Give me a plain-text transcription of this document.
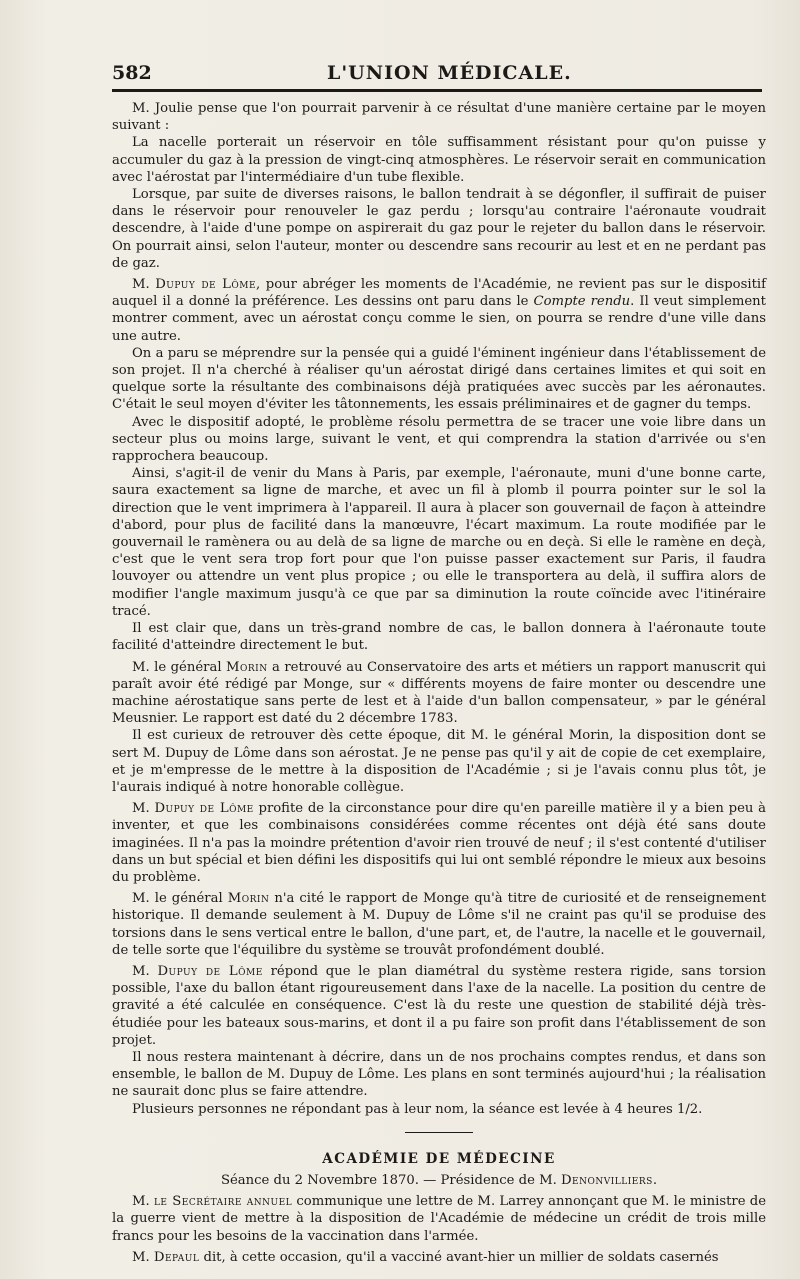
582	L'UNION MÉDICALE.

M. Joulie pense que l'on pourrait parvenir à ce résultat d'une manière certaine par le moyen suivant :

La nacelle porterait un réservoir en tôle suffisamment résistant pour qu'on puisse y accumuler du gaz à la pression de vingt-cinq atmosphères. Le réservoir serait en communication avec l'aérostat par l'intermédiaire d'un tube flexible.

Lorsque, par suite de diverses raisons, le ballon tendrait à se dégonfler, il suffirait de puiser dans le réservoir pour renouveler le gaz perdu ; lorsqu'au contraire l'aéronaute voudrait descendre, à l'aide d'une pompe on aspirerait du gaz pour le rejeter du ballon dans le réservoir. On pourrait ainsi, selon l'auteur, monter ou descendre sans recourir au lest et en ne perdant pas de gaz.

M. Dupuy de Lôme, pour abréger les moments de l'Académie, ne revient pas sur le dispositif auquel il a donné la préférence. Les dessins ont paru dans le Compte rendu. Il veut simplement montrer comment, avec un aérostat conçu comme le sien, on pourra se rendre d'une ville dans une autre.

On a paru se méprendre sur la pensée qui a guidé l'éminent ingénieur dans l'établissement de son projet. Il n'a cherché à réaliser qu'un aérostat dirigé dans certaines limites et qui soit en quelque sorte la résultante des combinaisons déjà pratiquées avec succès par les aéronautes. C'était le seul moyen d'éviter les tâtonnements, les essais préliminaires et de gagner du temps.

Avec le dispositif adopté, le problème résolu permettra de se tracer une voie libre dans un secteur plus ou moins large, suivant le vent, et qui comprendra la station d'arrivée ou s'en rapprochera beaucoup.

Ainsi, s'agit-il de venir du Mans à Paris, par exemple, l'aéronaute, muni d'une bonne carte, saura exactement sa ligne de marche, et avec un fil à plomb il pourra pointer sur le sol la direction que le vent imprimera à l'appareil. Il aura à placer son gouvernail de façon à atteindre d'abord, pour plus de facilité dans la manœuvre, l'écart maximum. La route modifiée par le gouvernail le ramènera ou au delà de sa ligne de marche ou en deçà. Si elle le ramène en deçà, c'est que le vent sera trop fort pour que l'on puisse passer exactement sur Paris, il faudra louvoyer ou attendre un vent plus propice ; ou elle le transportera au delà, il suffira alors de modifier l'angle maximum jusqu'à ce que par sa diminution la route coïncide avec l'itinéraire tracé.

Il est clair que, dans un très-grand nombre de cas, le ballon donnera à l'aéronaute toute facilité d'atteindre directement le but.

M. le général Morin a retrouvé au Conservatoire des arts et métiers un rapport manuscrit qui paraît avoir été rédigé par Monge, sur « différents moyens de faire monter ou descendre une machine aérostatique sans perte de lest et à l'aide d'un ballon compensateur, » par le général Meusnier. Le rapport est daté du 2 décembre 1783.

Il est curieux de retrouver dès cette époque, dit M. le général Morin, la disposition dont se sert M. Dupuy de Lôme dans son aérostat. Je ne pense pas qu'il y ait de copie de cet exemplaire, et je m'empresse de le mettre à la disposition de l'Académie ; si je l'avais connu plus tôt, je l'aurais indiqué à notre honorable collègue.

M. Dupuy de Lôme profite de la circonstance pour dire qu'en pareille matière il y a bien peu à inventer, et que les combinaisons considérées comme récentes ont déjà été sans doute imaginées. Il n'a pas la moindre prétention d'avoir rien trouvé de neuf ; il s'est contenté d'utiliser dans un but spécial et bien défini les dispositifs qui lui ont semblé répondre le mieux aux besoins du problème.

M. le général Morin n'a cité le rapport de Monge qu'à titre de curiosité et de renseignement historique. Il demande seulement à M. Dupuy de Lôme s'il ne craint pas qu'il se produise des torsions dans le sens vertical entre le ballon, d'une part, et, de l'autre, la nacelle et le gouvernail, de telle sorte que l'équilibre du système se trouvât profondément doublé.

M. Dupuy de Lôme répond que le plan diamétral du système restera rigide, sans torsion possible, l'axe du ballon étant rigoureusement dans l'axe de la nacelle. La position du centre de gravité a été calculée en conséquence. C'est là du reste une question de stabilité déjà très-étudiée pour les bateaux sous-marins, et dont il a pu faire son profit dans l'établissement de son projet.

Il nous restera maintenant à décrire, dans un de nos prochains comptes rendus, et dans son ensemble, le ballon de M. Dupuy de Lôme. Les plans en sont terminés aujourd'hui ; la réalisation ne saurait donc plus se faire attendre.

Plusieurs personnes ne répondant pas à leur nom, la séance est levée à 4 heures 1/2.

ACADÉMIE DE MÉDECINE
Séance du 2 Novembre 1870. — Présidence de M. Denonvilliers.

M. le Secrétaire annuel communique une lettre de M. Larrey annonçant que M. le ministre de la guerre vient de mettre à la disposition de l'Académie de médecine un crédit de trois mille francs pour les besoins de la vaccination dans l'armée.

M. Depaul dit, à cette occasion, qu'il a vacciné avant-hier un millier de soldats casernés
